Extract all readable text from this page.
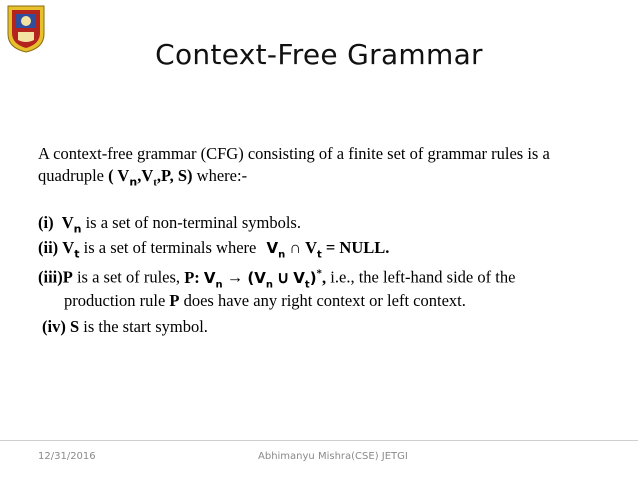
Context-Free Grammar
A context-free grammar (CFG) consisting of a finite set of grammar rules is a
quadruple ( $V_n,V_t,P$, S) where:-
(i) $V_n$ is a set of non-terminal symbols.
(ii) $V_t$ is a set of terminals where $V_n$ ∩ $V_t$ = NULL.
(iii)P is a set of rules, P: $V_n \to (V_n$ ∪ $V_t)^*$, i.e., the left-hand side of the
production rule P does have any right context or left context.
(iv) S is the start symbol.
12/31/2016	Abhimanyu Mishra(CSE) JETGI
